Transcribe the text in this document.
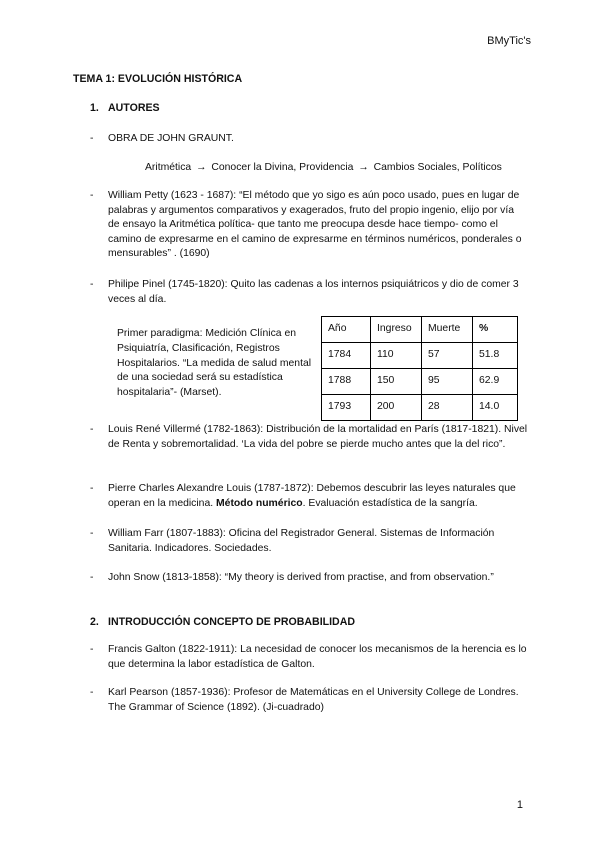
BMyTic's
TEMA 1: EVOLUCIÓN HISTÓRICA
1. AUTORES
- OBRA DE JOHN GRAUNT.
Aritmética → Conocer la Divina, Providencia → Cambios Sociales, Políticos
- William Petty (1623 - 1687): “El método que yo sigo es aún poco usado, pues en lugar de palabras y argumentos comparativos y exagerados, fruto del propio ingenio, elijo por vía de ensayo la Aritmética política- que tanto me preocupa desde hace tiempo- como el camino de expresarme en el camino de expresarme en términos numéricos, ponderales o mensurables” . (1690)
- Philipe Pinel (1745-1820): Quito las cadenas a los internos psiquiátricos y dio de comer 3 veces al día.
Primer paradigma: Medición Clínica en Psiquiatría, Clasificación, Registros Hospitalarios. “La medida de salud mental de una sociedad será su estadística hospitalaria”- (Marset).
Año	Ingreso	Muerte	%
1784	110	57	51.8
1788	150	95	62.9
1793	200	28	14.0
- Louis René Villermé (1782-1863): Distribución de la mortalidad en París (1817-1821). Nivel de Renta y sobremortalidad. ‘La vida del pobre se pierde mucho antes que la del rico”.
- Pierre Charles Alexandre Louis (1787-1872): Debemos descubrir las leyes naturales que operan en la medicina. Método numérico. Evaluación estadística de la sangría.
- William Farr (1807-1883): Oficina del Registrador General. Sistemas de Información Sanitaria. Indicadores. Sociedades.
- John Snow (1813-1858): “My theory is derived from practise, and from observation.”
2. INTRODUCCIÓN CONCEPTO DE PROBABILIDAD
- Francis Galton (1822-1911): La necesidad de conocer los mecanismos de la herencia es lo que determina la labor estadística de Galton.
- Karl Pearson (1857-1936): Profesor de Matemáticas en el University College de Londres. The Grammar of Science (1892). (Ji-cuadrado)
1
